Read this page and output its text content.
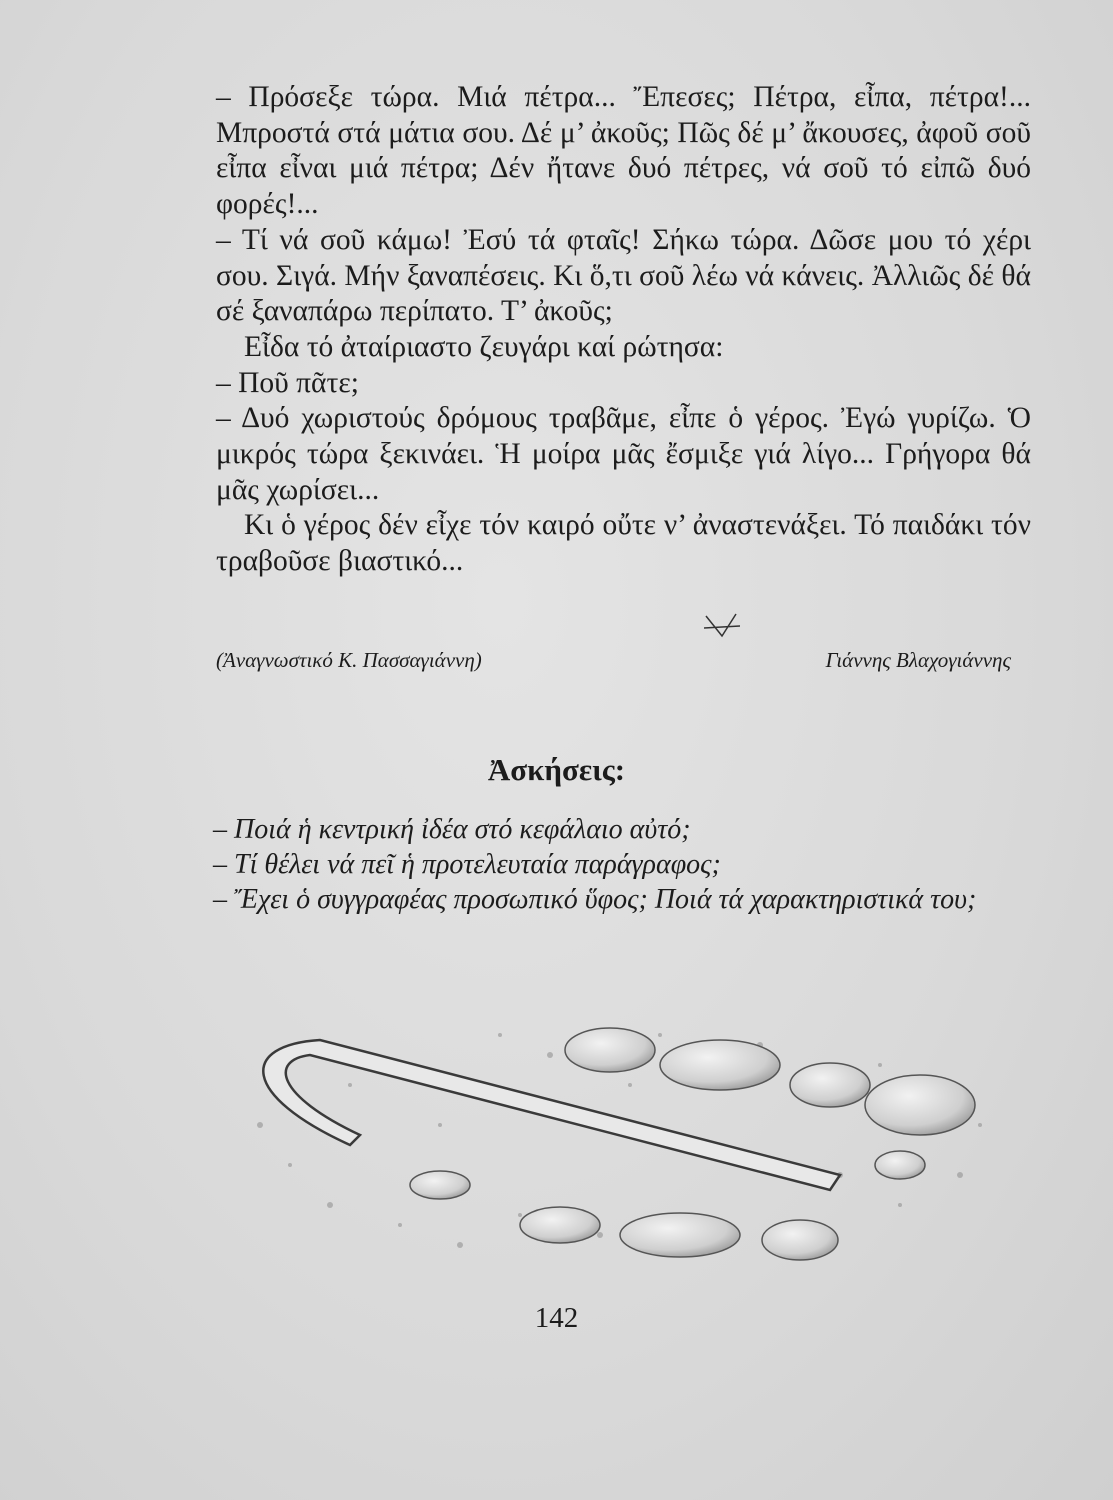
– Πρόσεξε τώρα. Μιά πέτρα... Ἔπεσες; Πέτρα, εἶπα, πέτρα!... Μπροστά στά μάτια σου. Δέ μ’ ἀκοῦς; Πῶς δέ μ’ ἄκουσες, ἀφοῦ σοῦ εἶπα εἶναι μιά πέτρα; Δέν ἤτανε δυό πέτρες, νά σοῦ τό εἰπῶ δυό φορές!...

– Τί νά σοῦ κάμω! Ἐσύ τά φταῖς! Σήκω τώρα. Δῶσε μου τό χέρι σου. Σιγά. Μήν ξαναπέσεις. Κι ὅ,τι σοῦ λέω νά κάνεις. Ἀλλιῶς δέ θά σέ ξαναπάρω περίπατο. Τ’ ἀκοῦς;

Εἶδα τό ἀταίριαστο ζευγάρι καί ρώτησα:

– Ποῦ πᾶτε;

– Δυό χωριστούς δρόμους τραβᾶμε, εἶπε ὁ γέρος. Ἐγώ γυρίζω. Ὁ μικρός τώρα ξεκινάει. Ἡ μοίρα μᾶς ἔσμιξε γιά λίγο... Γρήγορα θά μᾶς χωρίσει...

Κι ὁ γέρος δέν εἶχε τόν καιρό οὔτε ν’ ἀναστενάξει. Τό παιδάκι τόν τραβοῦσε βιαστικό...

(Ἀναγνωστικό Κ. Πασσαγιάννη)	Γιάννης Βλαχογιάννης
Ἀσκήσεις:
– Ποιά ἡ κεντρική ἰδέα στό κεφάλαιο αὐτό;
– Τί θέλει νά πεῖ ἡ προτελευταία παράγραφος;
– Ἔχει ὁ συγγραφέας προσωπικό ὕφος; Ποιά τά χαρακτηριστικά του;
142
